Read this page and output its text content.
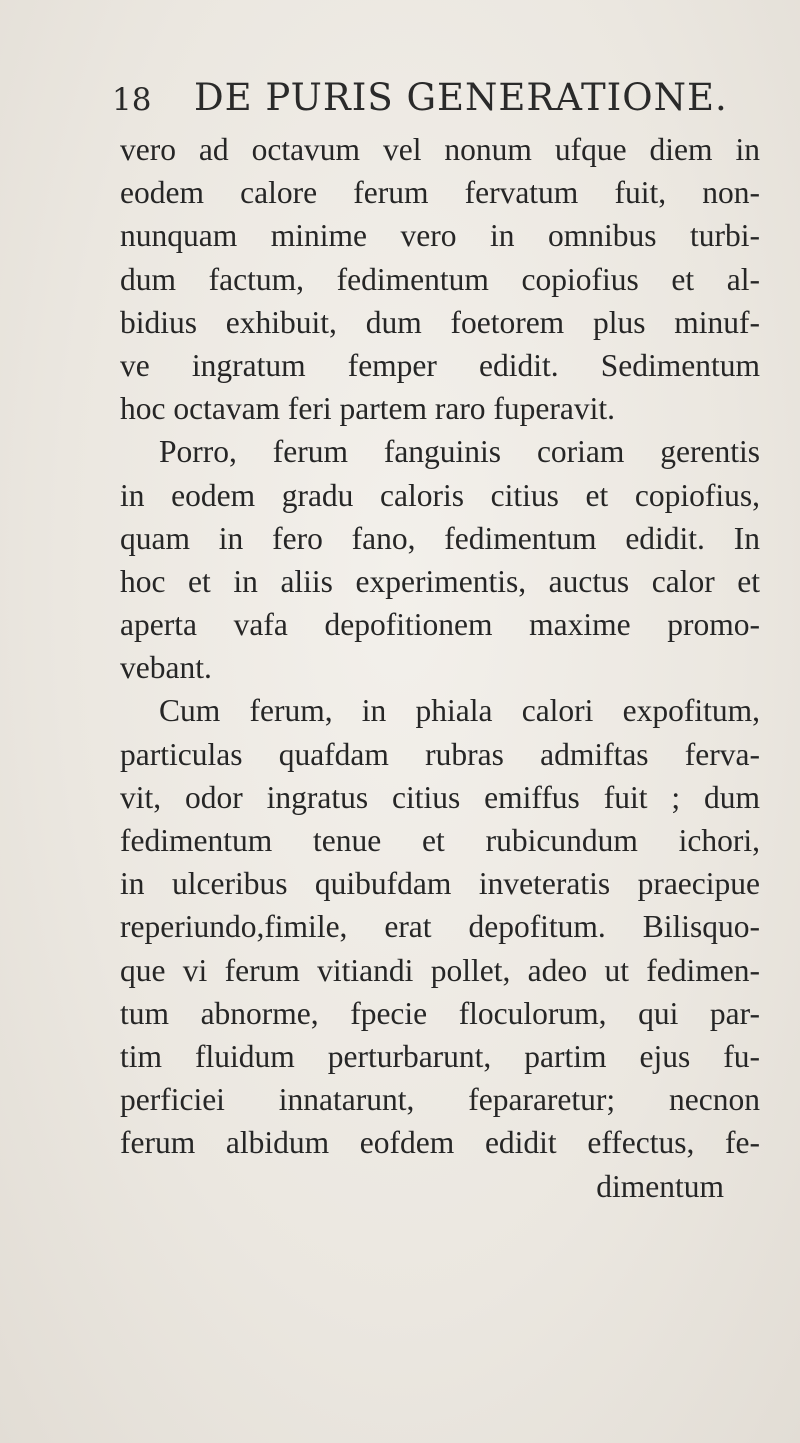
18 DE PURIS GENERATIONE.
vero ad octavum vel nonum ufque diem in
eodem calore ferum fervatum fuit, non-
nunquam minime vero in omnibus turbi-
dum factum, fedimentum copiofius et al-
bidius exhibuit, dum foetorem plus minuf-
ve ingratum femper edidit. Sedimentum
hoc octavam feri partem raro fuperavit.
Porro, ferum fanguinis coriam gerentis
in eodem gradu caloris citius et copiofius,
quam in fero fano, fedimentum edidit. In
hoc et in aliis experimentis, auctus calor et
aperta vafa depofitionem maxime promo-
vebant.
Cum ferum, in phiala calori expofitum,
particulas quafdam rubras admiftas ferva-
vit, odor ingratus citius emiffus fuit ; dum
fedimentum tenue et rubicundum ichori,
in ulceribus quibufdam inveteratis praecipue
reperiundo,fimile, erat depofitum. Bilisquo-
que vi ferum vitiandi pollet, adeo ut fedimen-
tum abnorme, fpecie floculorum, qui par-
tim fluidum perturbarunt, partim ejus fu-
perficiei innatarunt, fepararetur; necnon
ferum albidum eofdem edidit effectus, fe-
dimentum
